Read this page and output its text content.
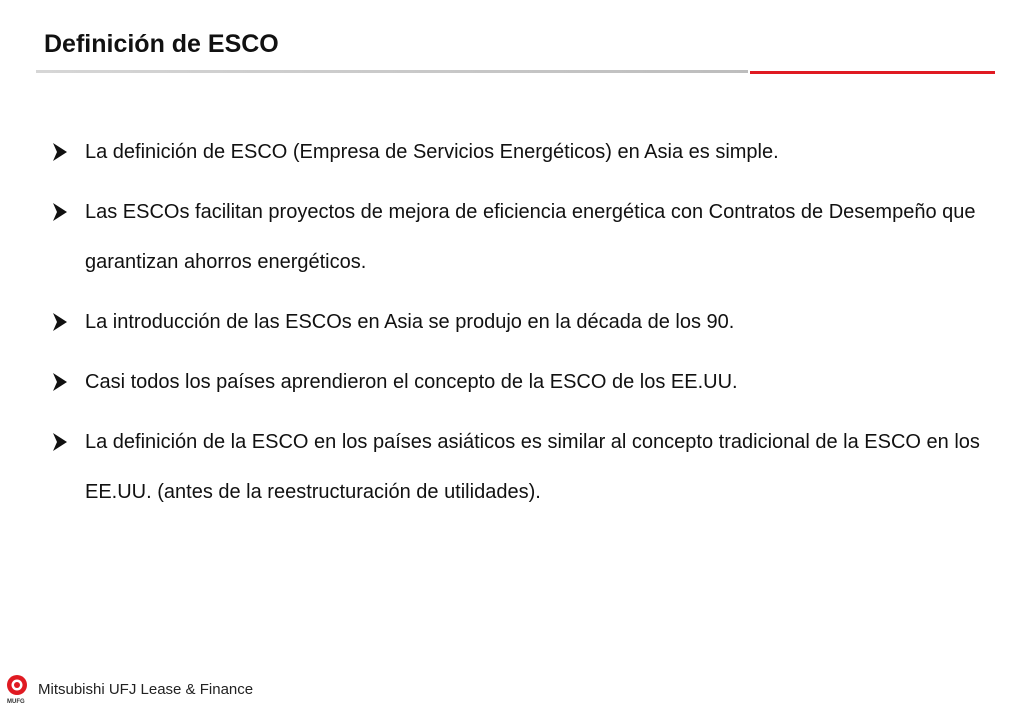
Definición de ESCO
La definición de ESCO (Empresa de Servicios Energéticos) en Asia es simple.
Las ESCOs facilitan proyectos de mejora de eficiencia energética con Contratos de Desempeño que garantizan ahorros energéticos.
La introducción de las ESCOs en Asia se produjo en la década de los 90.
Casi todos los países aprendieron el concepto de la ESCO de los EE.UU.
La definición de la ESCO en los países asiáticos es similar al concepto tradicional de la ESCO en los EE.UU. (antes de la reestructuración de utilidades).
MUFG
Mitsubishi UFJ Lease & Finance
